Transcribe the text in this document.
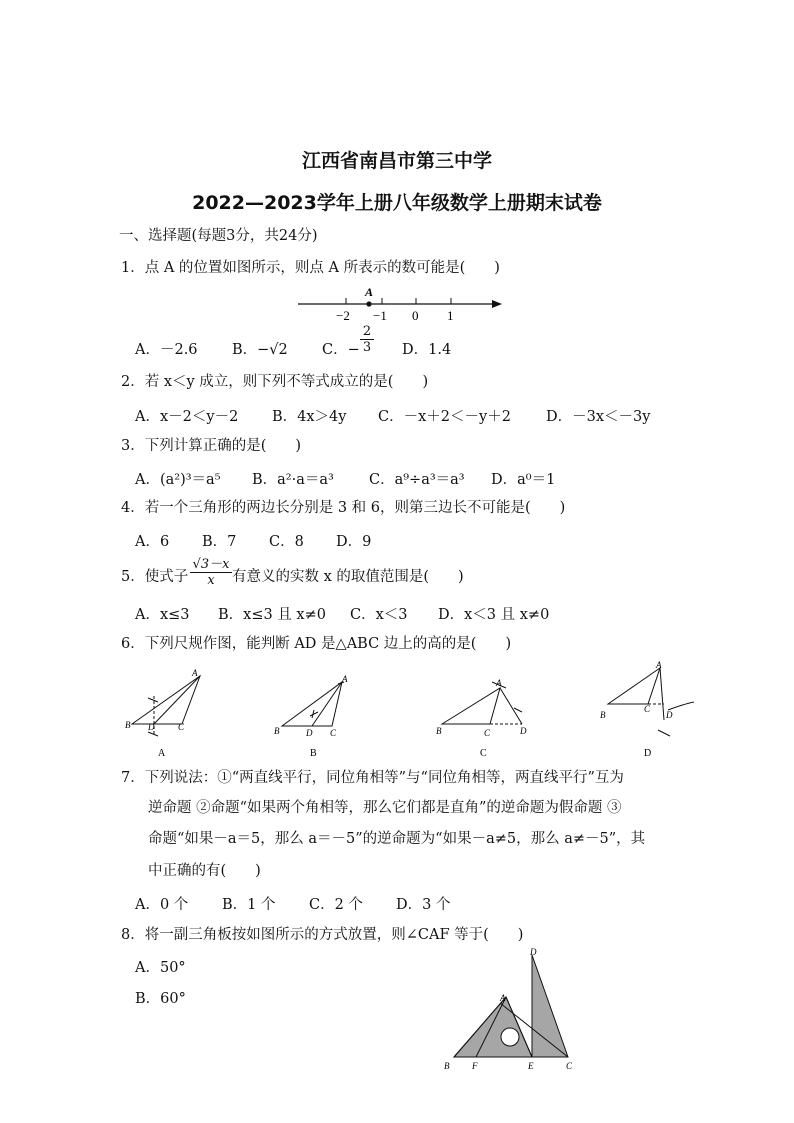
江西省南昌市第三中学
2022—2023学年上册八年级数学上册期末试卷
一、选择题(每题3分，共24分)
1．点 A 的位置如图所示，则点 A 所表示的数可能是(　　)
A
−2 −1 0 1
A．－2.6 B．−√2 C．− $\frac{2}{3}$ D．1.4
2．若 x＜y 成立，则下列不等式成立的是(　　)
A．x－2＜y－2 B．4x＞4y C．－x＋2＜－y＋2 D．－3x＜－3y
3．下列计算正确的是(　　)
A．(a²)³＝a⁵ B．a²·a＝a³ C．a⁹÷a³＝a³ D．a⁰＝1
4．若一个三角形的两边长分别是 3 和 6，则第三边长不可能是(　　)
A．6 B．7 C．8 D．9
5．使式子 $\frac{√3-x}{x}$ 有意义的实数 x 的取值范围是(　　)
A．x≤3 B．x≤3 且 x≠0 C．x＜3 D．x＜3 且 x≠0
6．下列尺规作图，能判断 AD 是△ABC 边上的高的是(　　)
B
A
D	C
A
B
A
D C
B
B
A
C	D
C
B
A
C
D
D
7．下列说法：①“两直线平行，同位角相等”与“同位角相等，两直线平行”互为
逆命题 ②命题“如果两个角相等，那么它们都是直角”的逆命题为假命题 ③
命题“如果－a＝5，那么 a＝－5”的逆命题为“如果－a≠5，那么 a≠－5”，其
中正确的有(　　)
A．0 个 B．1 个 C．2 个 D．3 个
8．将一副三角板按如图所示的方式放置，则∠CAF 等于(　　)
A．50°
B．60°
D
A
B	F	E	C
